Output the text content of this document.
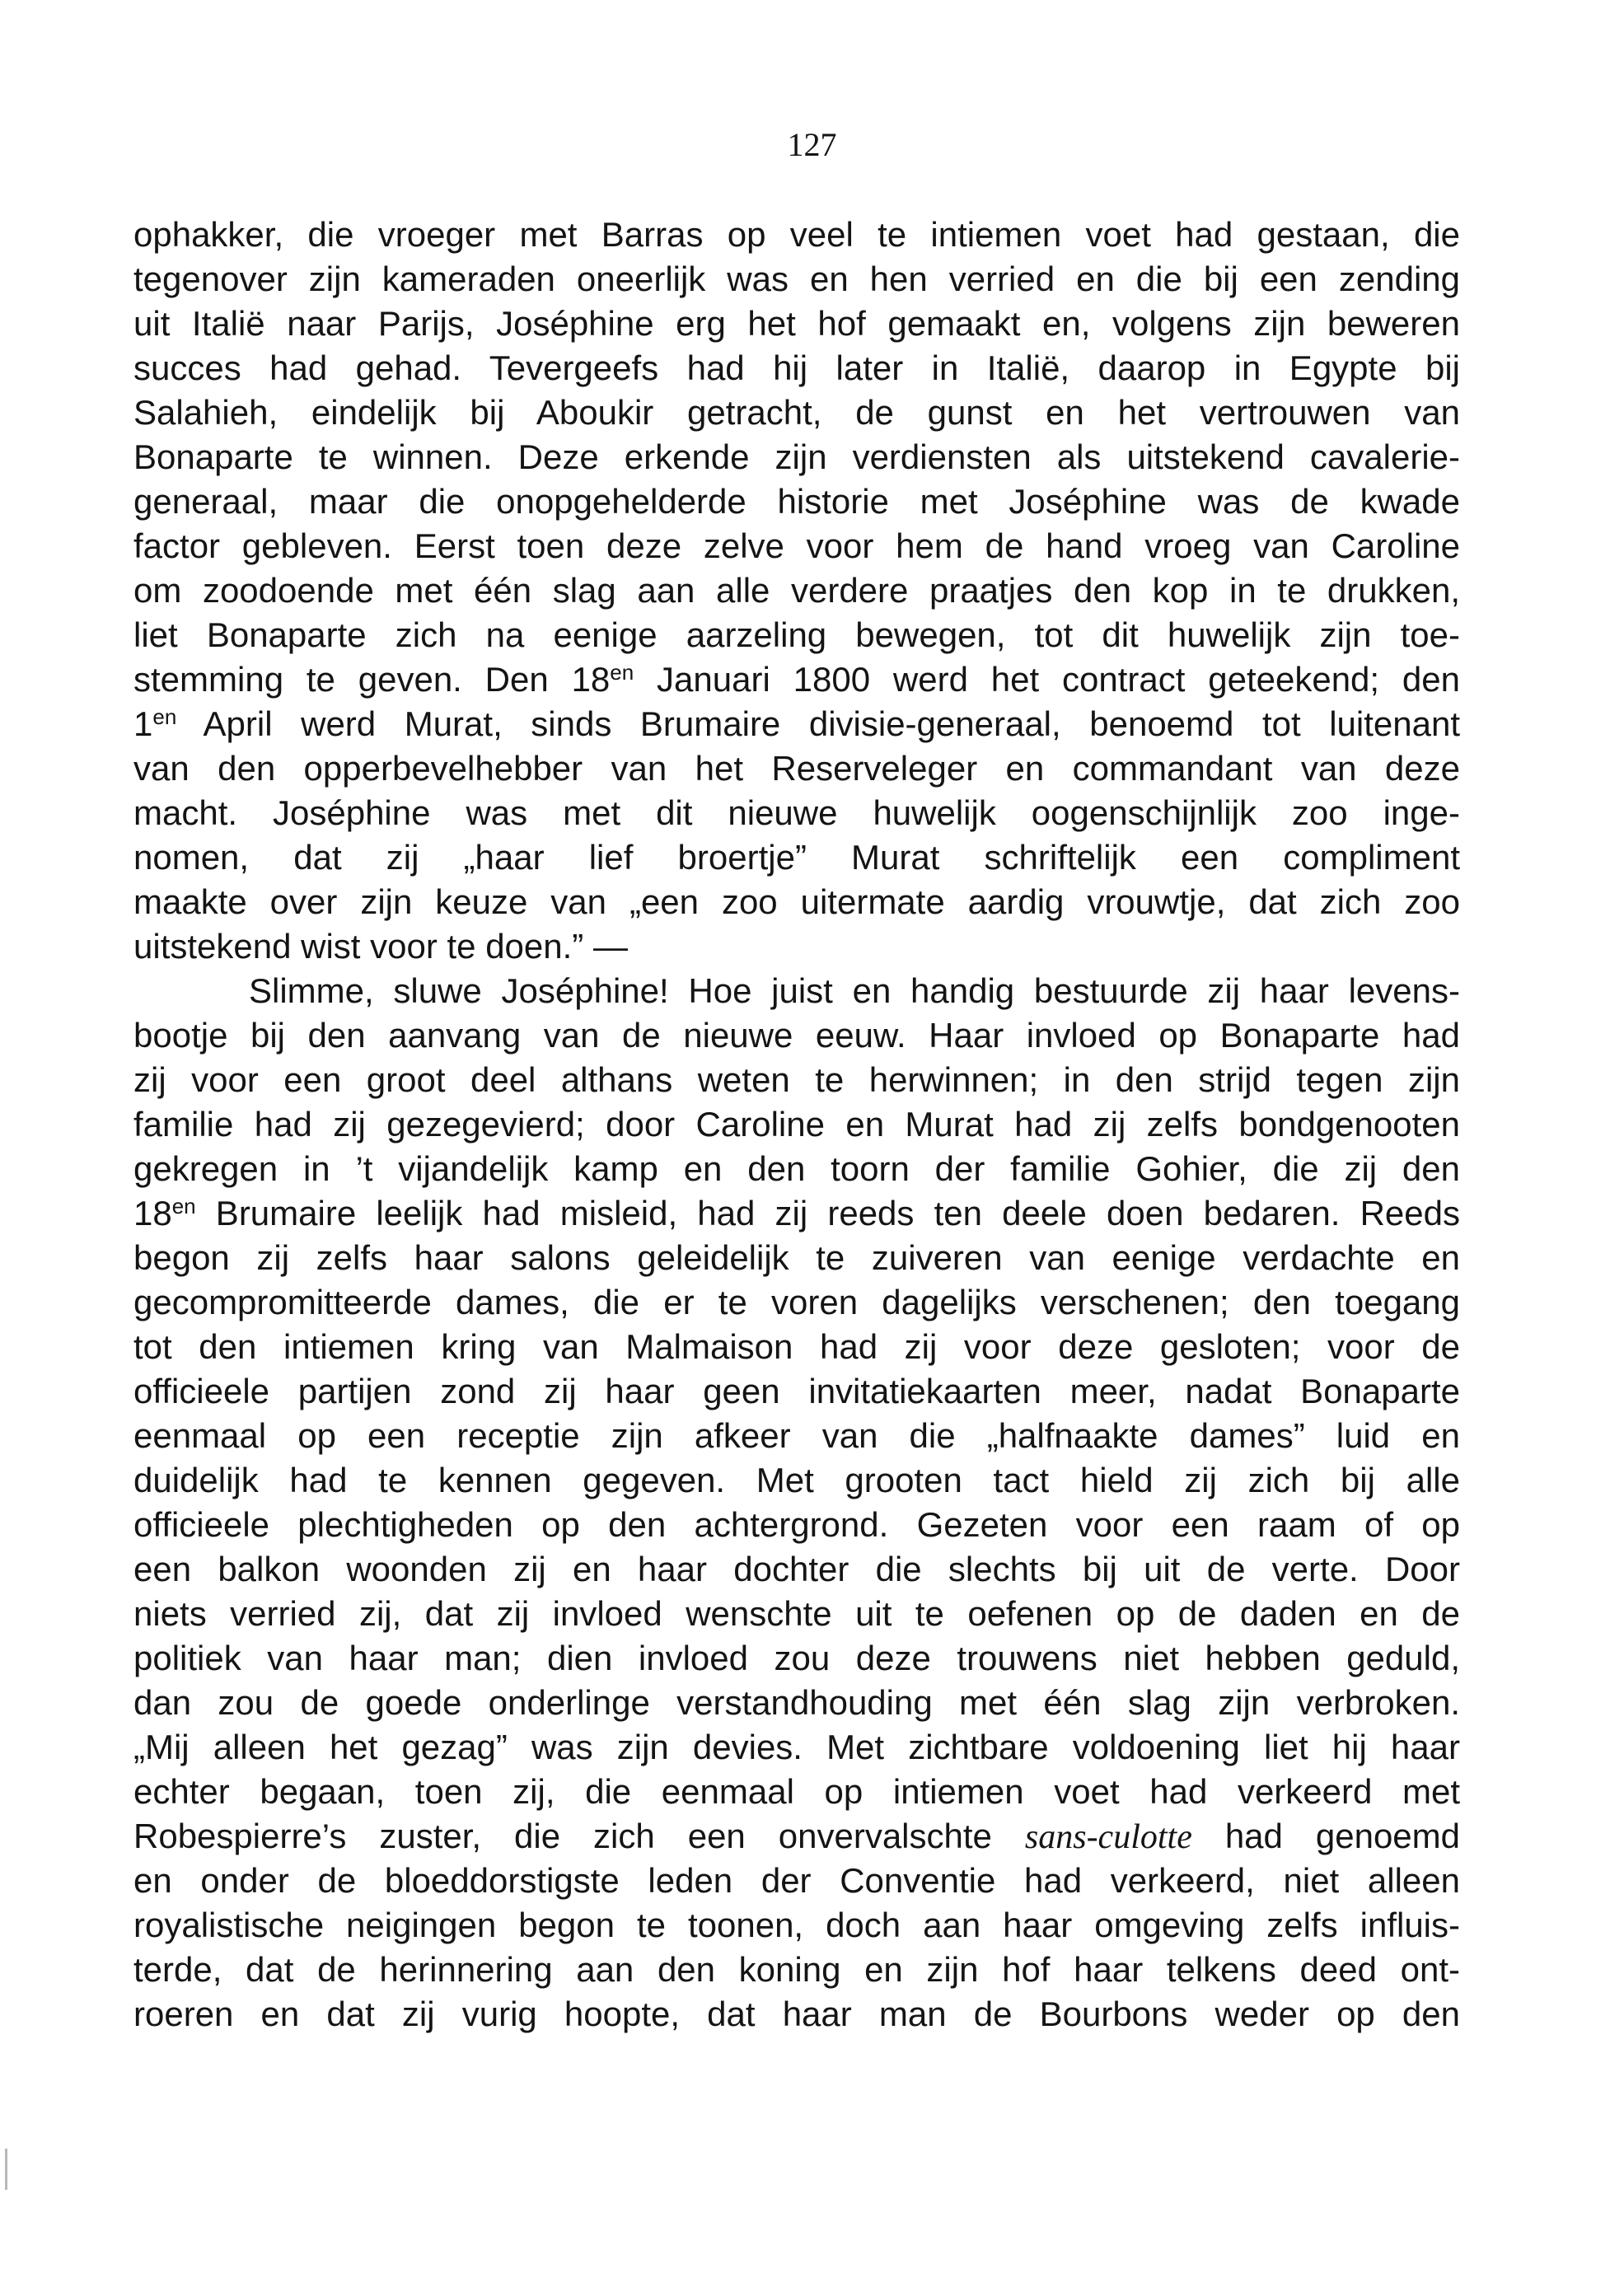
127
ophakker, die vroeger met Barras op veel te intiemen voet had gestaan, die
tegenover zijn kameraden oneerlijk was en hen verried en die bij een zending
uit Italië naar Parijs, Joséphine erg het hof gemaakt en, volgens zijn beweren
succes had gehad. Tevergeefs had hij later in Italië, daarop in Egypte bij
Salahieh, eindelijk bij Aboukir getracht, de gunst en het vertrouwen van
Bonaparte te winnen. Deze erkende zijn verdiensten als uitstekend cavalerie-
generaal, maar die onopgehelderde historie met Joséphine was de kwade
factor gebleven. Eerst toen deze zelve voor hem de hand vroeg van Caroline
om zoodoende met één slag aan alle verdere praatjes den kop in te drukken,
liet Bonaparte zich na eenige aarzeling bewegen, tot dit huwelijk zijn toe-
stemming te geven. Den $18^{en}$ Januari 1800 werd het contract geteekend; den
$1^{en}$ April werd Murat, sinds Brumaire divisie-generaal, benoemd tot luitenant
van den opperbevelhebber van het Reserveleger en commandant van deze
macht. Joséphine was met dit nieuwe huwelijk oogenschijnlijk zoo inge-
nomen, dat zij „haar lief broertje” Murat schriftelijk een compliment
maakte over zijn keuze van „een zoo uitermate aardig vrouwtje, dat zich zoo
uitstekend wist voor te doen.” —
Slimme, sluwe Joséphine! Hoe juist en handig bestuurde zij haar levens-
bootje bij den aanvang van de nieuwe eeuw. Haar invloed op Bonaparte had
zij voor een groot deel althans weten te herwinnen; in den strijd tegen zijn
familie had zij gezegevierd; door Caroline en Murat had zij zelfs bondgenooten
gekregen in ’t vijandelijk kamp en den toorn der familie Gohier, die zij den
$18^{en}$ Brumaire leelijk had misleid, had zij reeds ten deele doen bedaren. Reeds
begon zij zelfs haar salons geleidelijk te zuiveren van eenige verdachte en
gecompromitteerde dames, die er te voren dagelijks verschenen; den toegang
tot den intiemen kring van Malmaison had zij voor deze gesloten; voor de
officieele partijen zond zij haar geen invitatiekaarten meer, nadat Bonaparte
eenmaal op een receptie zijn afkeer van die „halfnaakte dames” luid en
duidelijk had te kennen gegeven. Met grooten tact hield zij zich bij alle
officieele plechtigheden op den achtergrond. Gezeten voor een raam of op
een balkon woonden zij en haar dochter die slechts bij uit de verte. Door
niets verried zij, dat zij invloed wenschte uit te oefenen op de daden en de
politiek van haar man; dien invloed zou deze trouwens niet hebben geduld,
dan zou de goede onderlinge verstandhouding met één slag zijn verbroken.
„Mij alleen het gezag” was zijn devies. Met zichtbare voldoening liet hij haar
echter begaan, toen zij, die eenmaal op intiemen voet had verkeerd met
Robespierre’s zuster, die zich een onvervalschte sans-culotte had genoemd
en onder de bloeddorstigste leden der Conventie had verkeerd, niet alleen
royalistische neigingen begon te toonen, doch aan haar omgeving zelfs influis-
terde, dat de herinnering aan den koning en zijn hof haar telkens deed ont-
roeren en dat zij vurig hoopte, dat haar man de Bourbons weder op den
